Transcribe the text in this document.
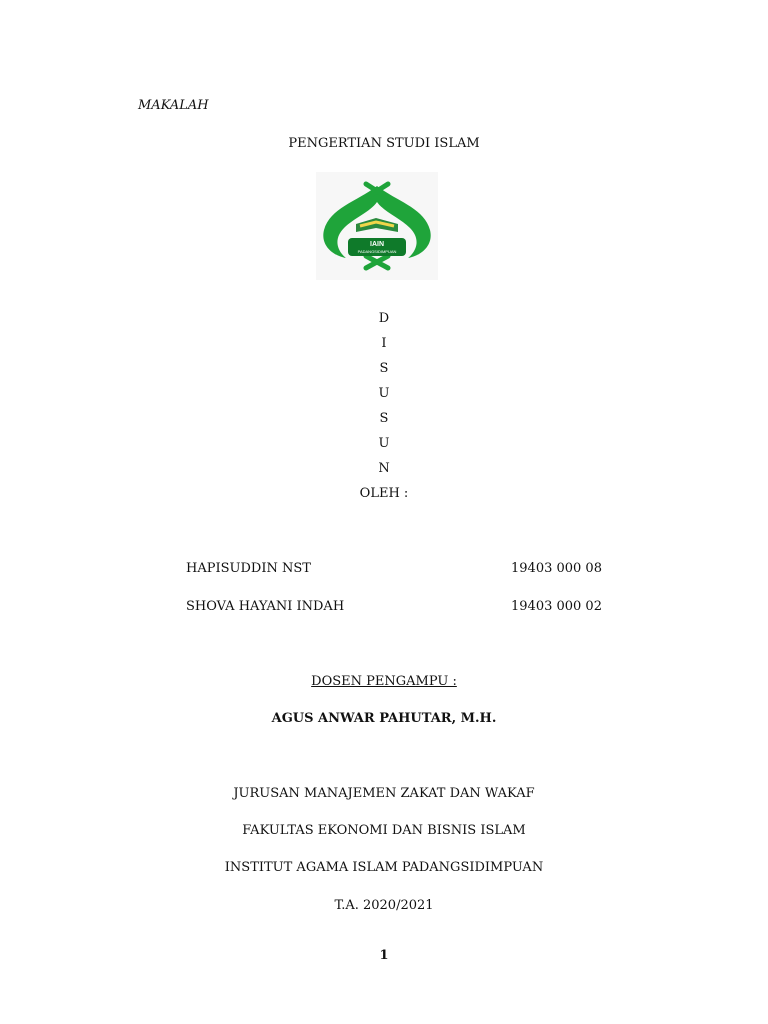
MAKALAH
PENGERTIAN STUDI ISLAM
IAIN
PADANGSIDIMPUAN
D
I
S
U
S
U
N
OLEH :
HAPISUDDIN NST	19403 000 08
SHOVA HAYANI INDAH	19403 000 02
DOSEN PENGAMPU :
AGUS ANWAR PAHUTAR, M.H.
JURUSAN MANAJEMEN ZAKAT DAN WAKAF
FAKULTAS EKONOMI DAN BISNIS ISLAM
INSTITUT AGAMA ISLAM PADANGSIDIMPUAN
T.A. 2020/2021
1
